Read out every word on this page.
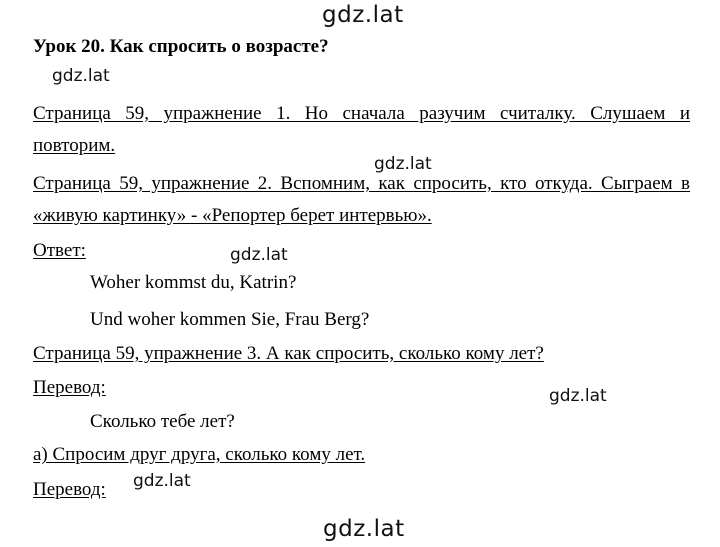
gdz.lat
gdz.lat
gdz.lat
gdz.lat
gdz.lat
gdz.lat
gdz.lat
Урок 20. Как спросить о возрасте?
Страница 59, упражнение 1. Но сначала разучим считалку. Слушаем и
повторим.
Страница 59, упражнение 2. Вспомним, как спросить, кто откуда. Сыграем в
«живую картинку» - «Репортер берет интервью».
Ответ:
Woher kommst du, Katrin?
Und woher kommen Sie, Frau Berg?
Страница 59, упражнение 3. А как спросить, сколько кому лет?
Перевод:
Сколько тебе лет?
а) Спросим друг друга, сколько кому лет.
Перевод:
